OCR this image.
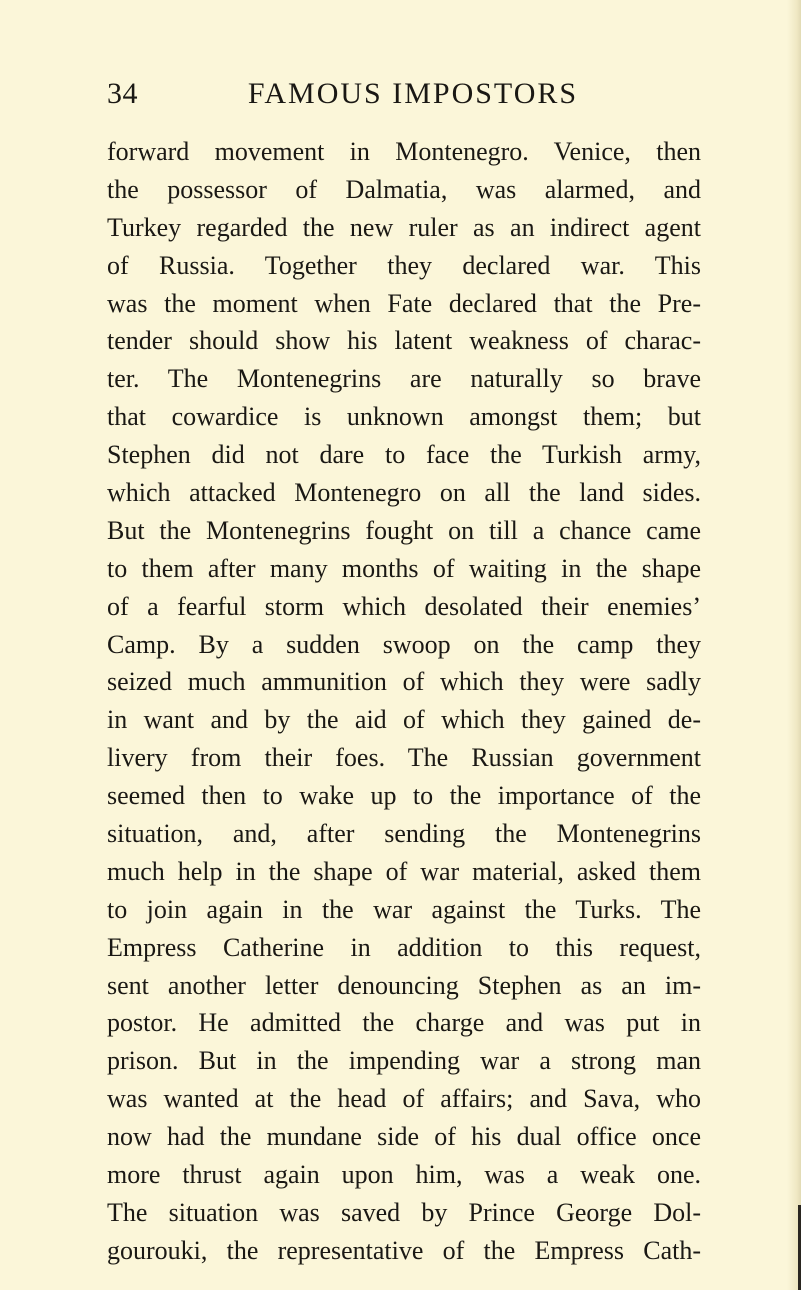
34	FAMOUS IMPOSTORS
forward movement in Montenegro. Venice, then
the possessor of Dalmatia, was alarmed, and
Turkey regarded the new ruler as an indirect agent
of Russia. Together they declared war. This
was the moment when Fate declared that the Pre-
tender should show his latent weakness of charac-
ter. The Montenegrins are naturally so brave
that cowardice is unknown amongst them; but
Stephen did not dare to face the Turkish army,
which attacked Montenegro on all the land sides.
But the Montenegrins fought on till a chance came
to them after many months of waiting in the shape
of a fearful storm which desolated their enemies’
Camp. By a sudden swoop on the camp they
seized much ammunition of which they were sadly
in want and by the aid of which they gained de-
livery from their foes. The Russian government
seemed then to wake up to the importance of the
situation, and, after sending the Montenegrins
much help in the shape of war material, asked them
to join again in the war against the Turks. The
Empress Catherine in addition to this request,
sent another letter denouncing Stephen as an im-
postor. He admitted the charge and was put in
prison. But in the impending war a strong man
was wanted at the head of affairs; and Sava, who
now had the mundane side of his dual office once
more thrust again upon him, was a weak one.
The situation was saved by Prince George Dol-
gourouki, the representative of the Empress Cath-
